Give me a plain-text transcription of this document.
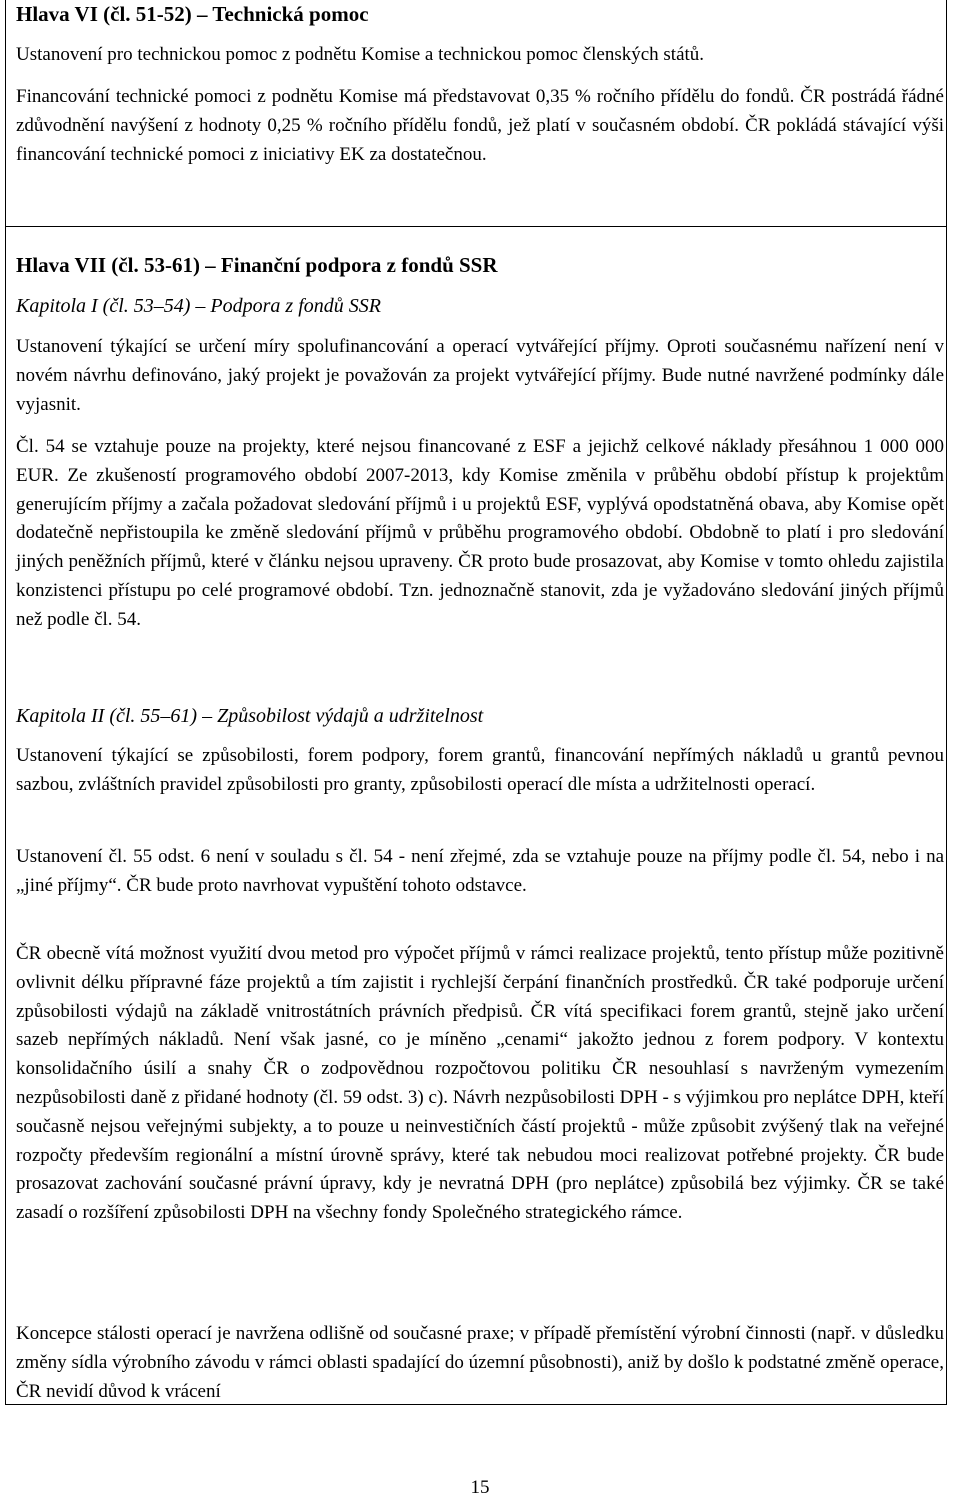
Hlava VI (čl. 51-52) – Technická pomoc

Ustanovení pro technickou pomoc z podnětu Komise a technickou pomoc členských států.

Financování technické pomoci z podnětu Komise má představovat 0,35 % ročního přídělu do fondů. ČR postrádá řádné zdůvodnění navýšení z hodnoty 0,25 % ročního přídělu fondů, jež platí v současném období. ČR pokládá stávající výši financování technické pomoci z iniciativy EK za dostatečnou.

Hlava VII (čl. 53-61) – Finanční podpora z fondů SSR

Kapitola I (čl. 53–54) – Podpora z fondů SSR

Ustanovení týkající se určení míry spolufinancování a operací vytvářející příjmy. Oproti současnému nařízení není v novém návrhu definováno, jaký projekt je považován za projekt vytvářející příjmy. Bude nutné navržené podmínky dále vyjasnit.

Čl. 54 se vztahuje pouze na projekty, které nejsou financované z ESF a jejichž celkové náklady přesáhnou 1 000 000 EUR. Ze zkušeností programového období 2007-2013, kdy Komise změnila v průběhu období přístup k projektům generujícím příjmy a začala požadovat sledování příjmů i u projektů ESF, vyplývá opodstatněná obava, aby Komise opět dodatečně nepřistoupila ke změně sledování příjmů v průběhu programového období. Obdobně to platí i pro sledování jiných peněžních příjmů, které v článku nejsou upraveny. ČR proto bude prosazovat, aby Komise v tomto ohledu zajistila konzistenci přístupu po celé programové období. Tzn. jednoznačně stanovit, zda je vyžadováno sledování jiných příjmů než podle čl. 54.

Kapitola II (čl. 55–61) – Způsobilost výdajů a udržitelnost

Ustanovení týkající se způsobilosti, forem podpory, forem grantů, financování nepřímých nákladů u grantů pevnou sazbou, zvláštních pravidel způsobilosti pro granty, způsobilosti operací dle místa a udržitelnosti operací.

Ustanovení čl. 55 odst. 6 není v souladu s čl. 54 - není zřejmé, zda se vztahuje pouze na příjmy podle čl. 54, nebo i na „jiné příjmy“. ČR bude proto navrhovat vypuštění tohoto odstavce.

ČR obecně vítá možnost využití dvou metod pro výpočet příjmů v rámci realizace projektů, tento přístup může pozitivně ovlivnit délku přípravné fáze projektů a tím zajistit i rychlejší čerpání finančních prostředků. ČR také podporuje určení způsobilosti výdajů na základě vnitrostátních právních předpisů. ČR vítá specifikaci forem grantů, stejně jako určení sazeb nepřímých nákladů. Není však jasné, co je míněno „cenami“ jakožto jednou z forem podpory. V kontextu konsolidačního úsilí a snahy ČR o zodpovědnou rozpočtovou politiku ČR nesouhlasí s navrženým vymezením nezpůsobilosti daně z přidané hodnoty (čl. 59 odst. 3) c). Návrh nezpůsobilosti DPH - s výjimkou pro neplátce DPH, kteří současně nejsou veřejnými subjekty, a to pouze u neinvestičních částí projektů - může způsobit zvýšený tlak na veřejné rozpočty především regionální a místní úrovně správy, které tak nebudou moci realizovat potřebné projekty. ČR bude prosazovat zachování současné právní úpravy, kdy je nevratná DPH (pro neplátce) způsobilá bez výjimky. ČR se také zasadí o rozšíření způsobilosti DPH na všechny fondy Společného strategického rámce.

Koncepce stálosti operací je navržena odlišně od současné praxe; v případě přemístění výrobní činnosti (např. v důsledku změny sídla výrobního závodu v rámci oblasti spadající do územní působnosti), aniž by došlo k podstatné změně operace, ČR nevidí důvod k vrácení

15
